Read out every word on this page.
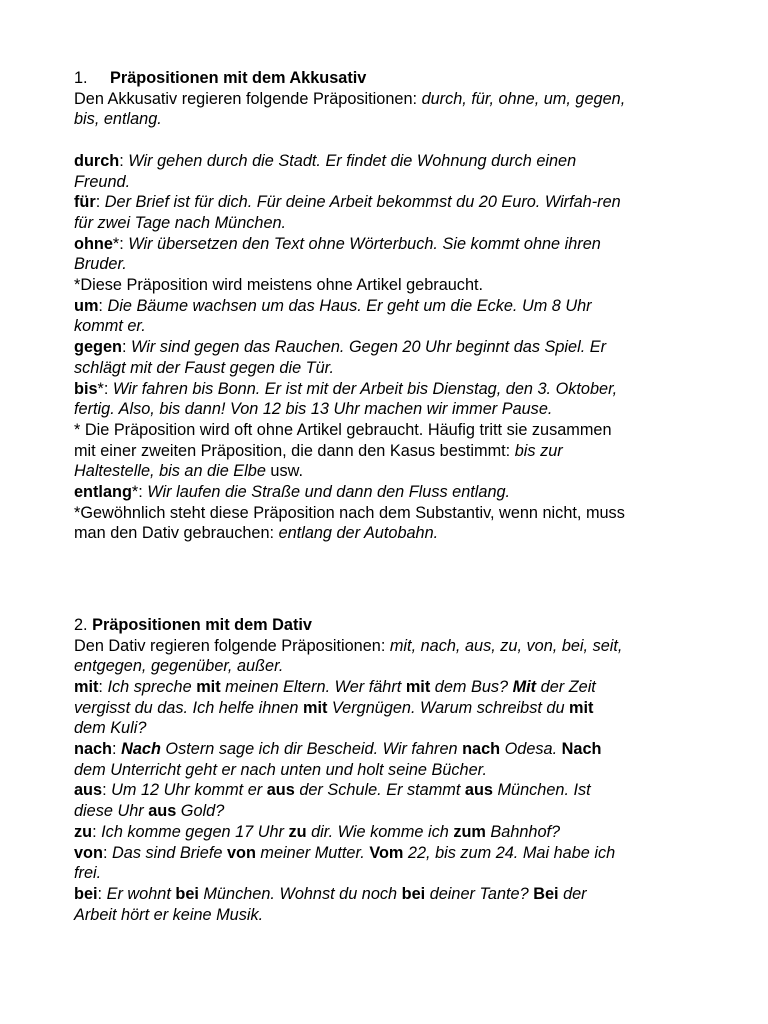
1. Präpositionen mit dem Akkusativ
Den Akkusativ regieren folgende Präpositionen: durch, für, ohne, um, gegen,
bis, entlang.
durch: Wir gehen durch die Stadt. Er findet die Wohnung durch einen
Freund.
für: Der Brief ist für dich. Für deine Arbeit bekommst du 20 Euro. Wirfah-ren
für zwei Tage nach München.
ohne*: Wir übersetzen den Text ohne Wörterbuch. Sie kommt ohne ihren
Bruder.
*Diese Präposition wird meistens ohne Artikel gebraucht.
um: Die Bäume wachsen um das Haus. Er geht um die Ecke. Um 8 Uhr
kommt er.
gegen: Wir sind gegen das Rauchen. Gegen 20 Uhr beginnt das Spiel. Er
schlägt mit der Faust gegen die Tür.
bis*: Wir fahren bis Bonn. Er ist mit der Arbeit bis Dienstag, den 3. Oktober,
fertig. Also, bis dann! Von 12 bis 13 Uhr machen wir immer Pause.
* Die Präposition wird oft ohne Artikel gebraucht. Häufig tritt sie zusammen
mit einer zweiten Präposition, die dann den Kasus bestimmt: bis zur
Haltestelle, bis an die Elbe usw.
entlang*: Wir laufen die Straße und dann den Fluss entlang.
*Gewöhnlich steht diese Präposition nach dem Substantiv, wenn nicht, muss
man den Dativ gebrauchen: entlang der Autobahn.
2. Präpositionen mit dem Dativ
Den Dativ regieren folgende Präpositionen: mit, nach, aus, zu, von, bei, seit,
entgegen, gegenüber, außer.
mit: Ich spreche mit meinen Eltern. Wer fährt mit dem Bus? Mit der Zeit
vergisst du das. Ich helfe ihnen mit Vergnügen. Warum schreibst du mit
dem Kuli?
nach: Nach Ostern sage ich dir Bescheid. Wir fahren nach Odesa. Nach
dem Unterricht geht er nach unten und holt seine Bücher.
aus: Um 12 Uhr kommt er aus der Schule. Er stammt aus München. Ist
diese Uhr aus Gold?
zu: Ich komme gegen 17 Uhr zu dir. Wie komme ich zum Bahnhof?
von: Das sind Briefe von meiner Mutter. Vom 22, bis zum 24. Mai habe ich
frei.
bei: Er wohnt bei München. Wohnst du noch bei deiner Tante? Bei der
Arbeit hört er keine Musik.
